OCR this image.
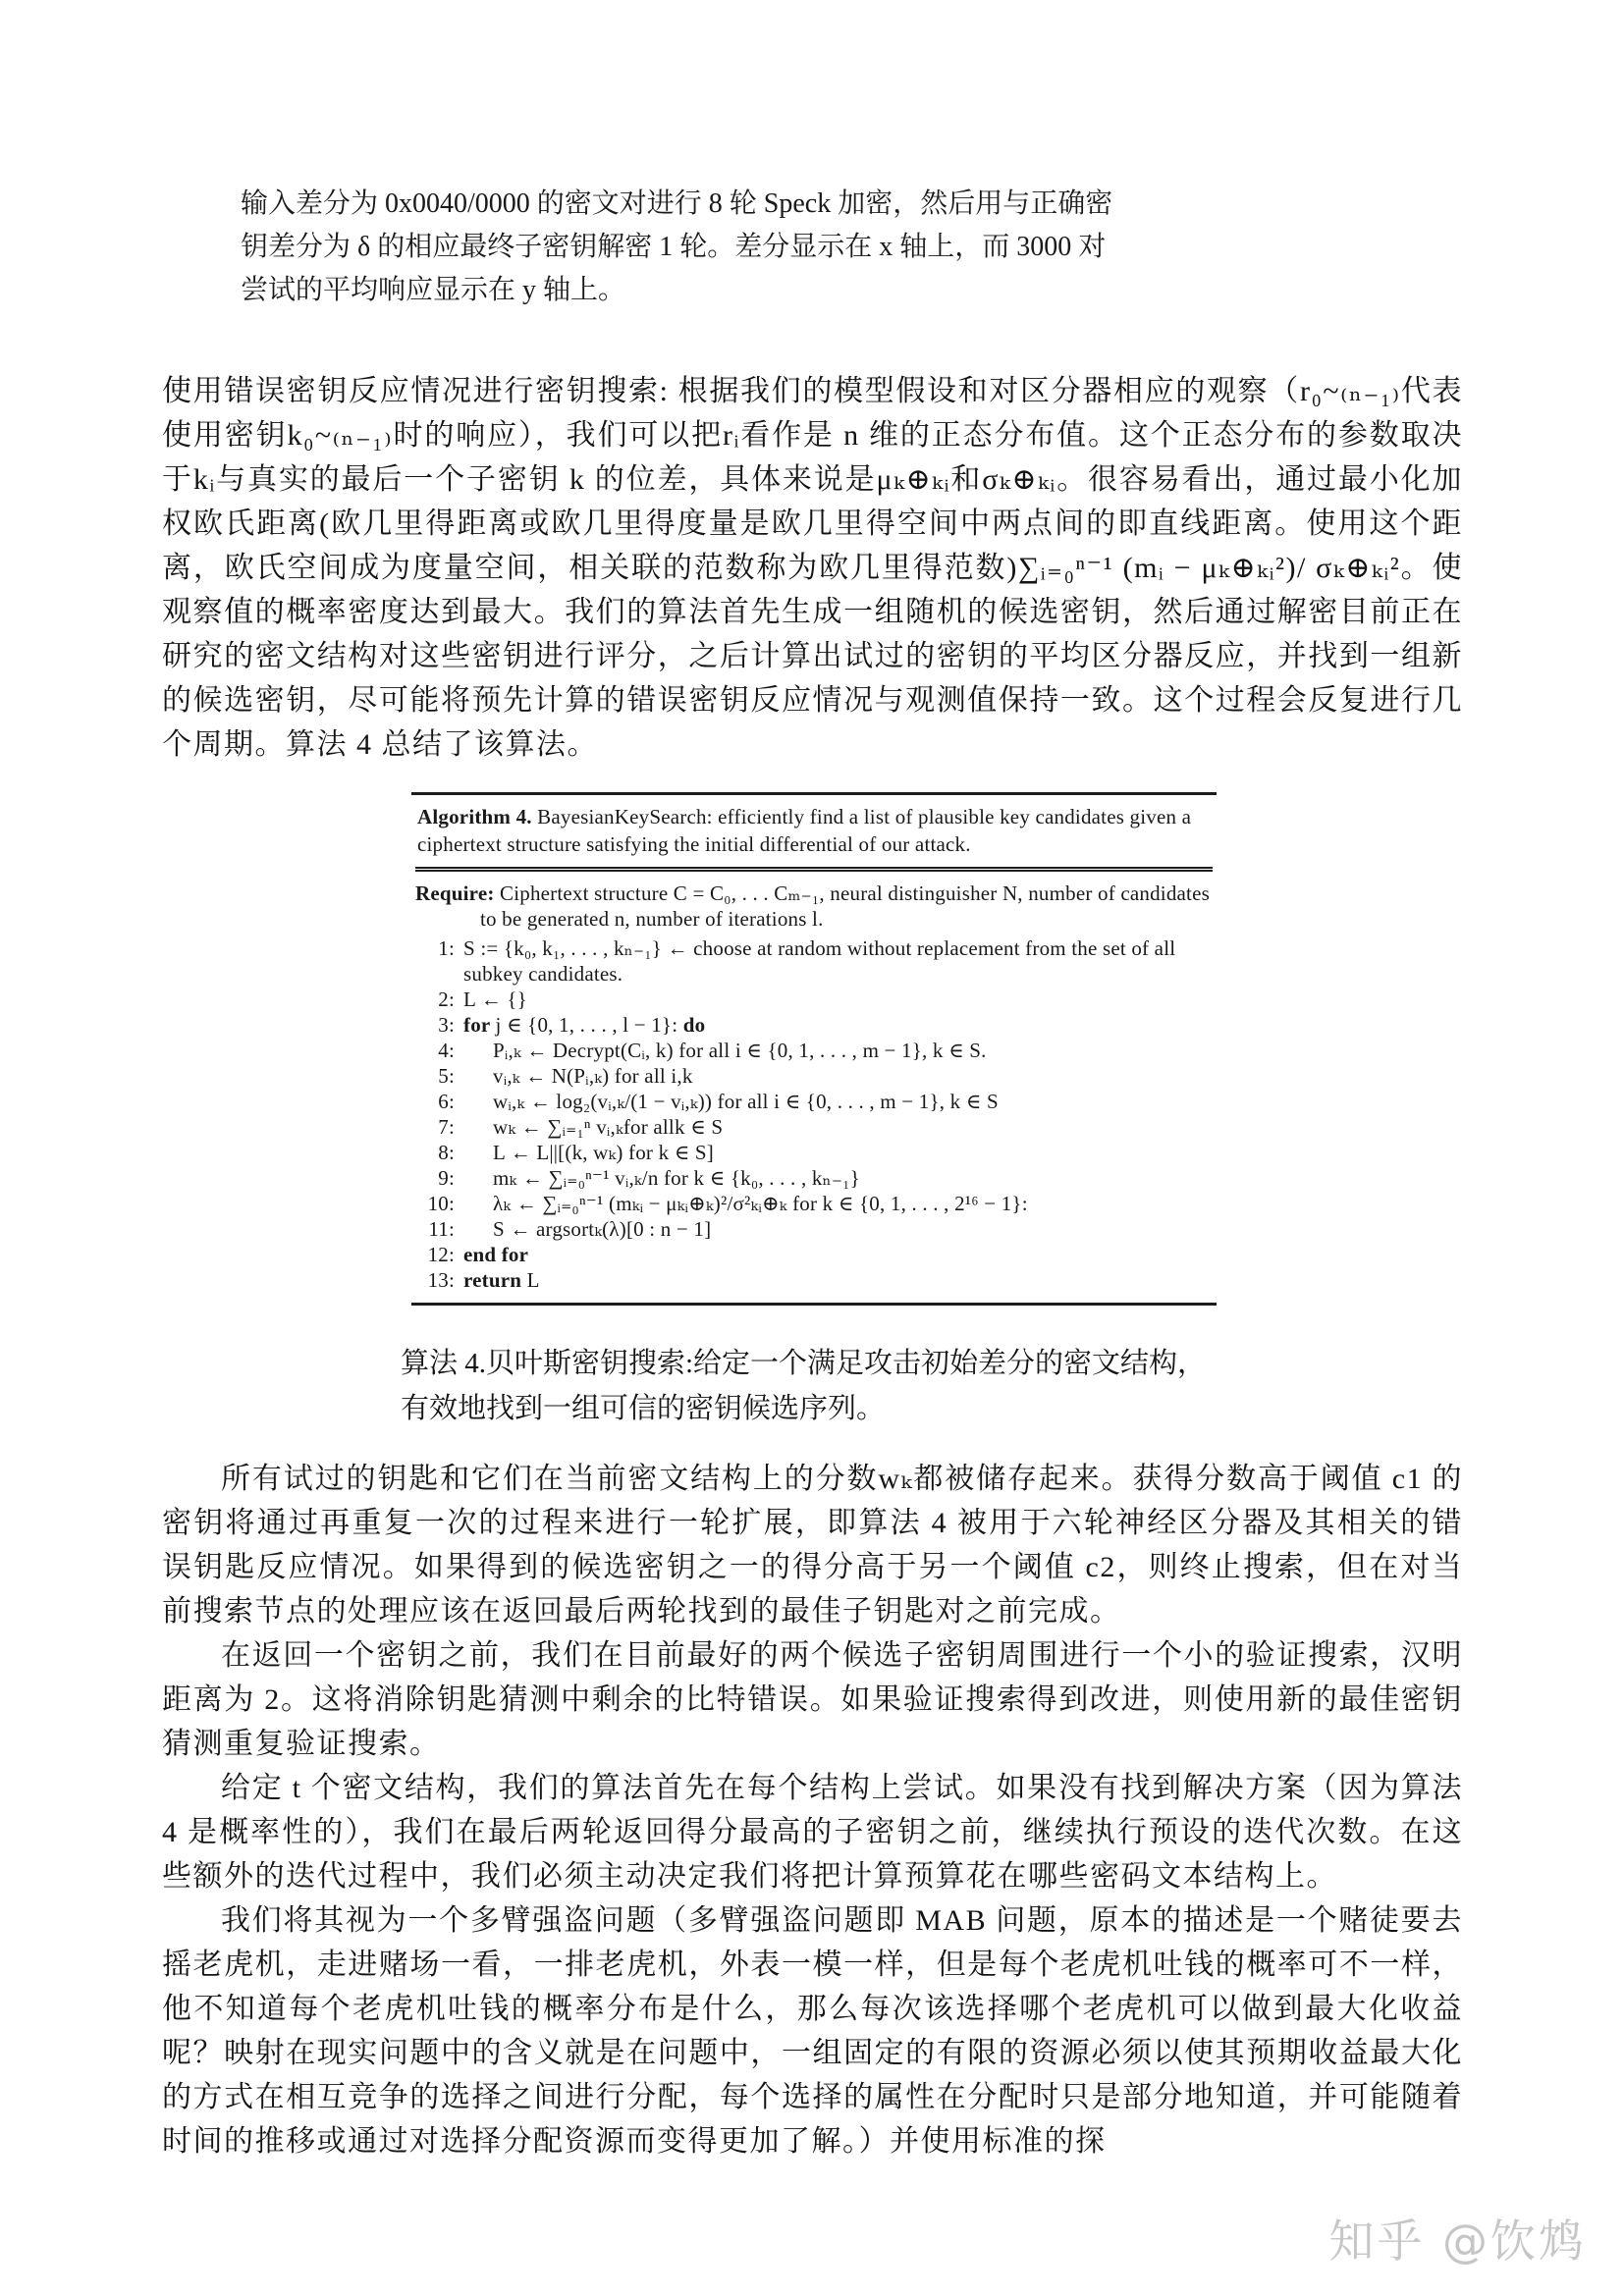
输入差分为 0x0040/0000 的密文对进行 8 轮 Speck 加密，然后用与正确密
钥差分为 δ 的相应最终子密钥解密 1 轮。差分显示在 x 轴上，而 3000 对
尝试的平均响应显示在 y 轴上。

使用错误密钥反应情况进行密钥搜索: 根据我们的模型假设和对区分器相应的观察（r₀~₍ₙ₋₁₎代表使用密钥k₀~₍ₙ₋₁₎时的响应），我们可以把rᵢ看作是 n 维的正态分布值。这个正态分布的参数取决于kᵢ与真实的最后一个子密钥 k 的位差，具体来说是μₖ⊕ₖᵢ和σₖ⊕ₖᵢ。很容易看出，通过最小化加权欧氏距离(欧几里得距离或欧几里得度量是欧几里得空间中两点间的即直线距离。使用这个距离，欧氏空间成为度量空间，相关联的范数称为欧几里得范数)∑ᵢ₌₀ⁿ⁻¹ (mᵢ − μₖ⊕ₖᵢ²)/ σₖ⊕ₖᵢ²。使观察值的概率密度达到最大。我们的算法首先生成一组随机的候选密钥，然后通过解密目前正在研究的密文结构对这些密钥进行评分，之后计算出试过的密钥的平均区分器反应，并找到一组新的候选密钥，尽可能将预先计算的错误密钥反应情况与观测值保持一致。这个过程会反复进行几个周期。算法 4 总结了该算法。

Algorithm 4. BayesianKeySearch: efficiently find a list of plausible key candidates given a ciphertext structure satisfying the initial differential of our attack.
Require: Ciphertext structure C = C₀, . . . Cₘ₋₁, neural distinguisher N, number of candidates to be generated n, number of iterations l.
1: S := {k₀, k₁, . . . , kₙ₋₁} ← choose at random without replacement from the set of all subkey candidates.
2: L ← {}
3: for j ∈ {0, 1, . . . , l − 1}: do
4:	Pᵢ,ₖ ← Decrypt(Cᵢ, k) for all i ∈ {0, 1, . . . , m − 1}, k ∈ S.
5:	vᵢ,ₖ ← N(Pᵢ,ₖ) for all i,k
6:	wᵢ,ₖ ← log₂(vᵢ,ₖ/(1 − vᵢ,ₖ)) for all i ∈ {0, . . . , m − 1}, k ∈ S
7:	wₖ ← ∑ᵢ₌₁ⁿ vᵢ,ₖfor allk ∈ S
8:	L ← L||[(k, wₖ) for k ∈ S]
9:	mₖ ← ∑ᵢ₌₀ⁿ⁻¹ vᵢ,ₖ/n for k ∈ {k₀, . . . , kₙ₋₁}
10:	λₖ ← ∑ᵢ₌₀ⁿ⁻¹ (mₖᵢ − μₖᵢ⊕ₖ)²/σ²ₖᵢ⊕ₖ for k ∈ {0, 1, . . . , 2¹⁶ − 1}:
11:	S ← argsortₖ(λ)[0 : n − 1]
12: end for
13: return L
算法 4.贝叶斯密钥搜索:给定一个满足攻击初始差分的密文结构，
有效地找到一组可信的密钥候选序列。

所有试过的钥匙和它们在当前密文结构上的分数wₖ都被储存起来。获得分数高于阈值 c1 的密钥将通过再重复一次的过程来进行一轮扩展，即算法 4 被用于六轮神经区分器及其相关的错误钥匙反应情况。如果得到的候选密钥之一的得分高于另一个阈值 c2，则终止搜索，但在对当前搜索节点的处理应该在返回最后两轮找到的最佳子钥匙对之前完成。

在返回一个密钥之前，我们在目前最好的两个候选子密钥周围进行一个小的验证搜索，汉明距离为 2。这将消除钥匙猜测中剩余的比特错误。如果验证搜索得到改进，则使用新的最佳密钥猜测重复验证搜索。

给定 t 个密文结构，我们的算法首先在每个结构上尝试。如果没有找到解决方案（因为算法 4 是概率性的），我们在最后两轮返回得分最高的子密钥之前，继续执行预设的迭代次数。在这些额外的迭代过程中，我们必须主动决定我们将把计算预算花在哪些密码文本结构上。

我们将其视为一个多臂强盗问题（多臂强盗问题即 MAB 问题，原本的描述是一个赌徒要去摇老虎机，走进赌场一看，一排老虎机，外表一模一样，但是每个老虎机吐钱的概率可不一样，他不知道每个老虎机吐钱的概率分布是什么，那么每次该选择哪个老虎机可以做到最大化收益呢？映射在现实问题中的含义就是在问题中，一组固定的有限的资源必须以使其预期收益最大化的方式在相互竞争的选择之间进行分配，每个选择的属性在分配时只是部分地知道，并可能随着时间的推移或通过对选择分配资源而变得更加了解。）并使用标准的探

知乎 @饮鸩
